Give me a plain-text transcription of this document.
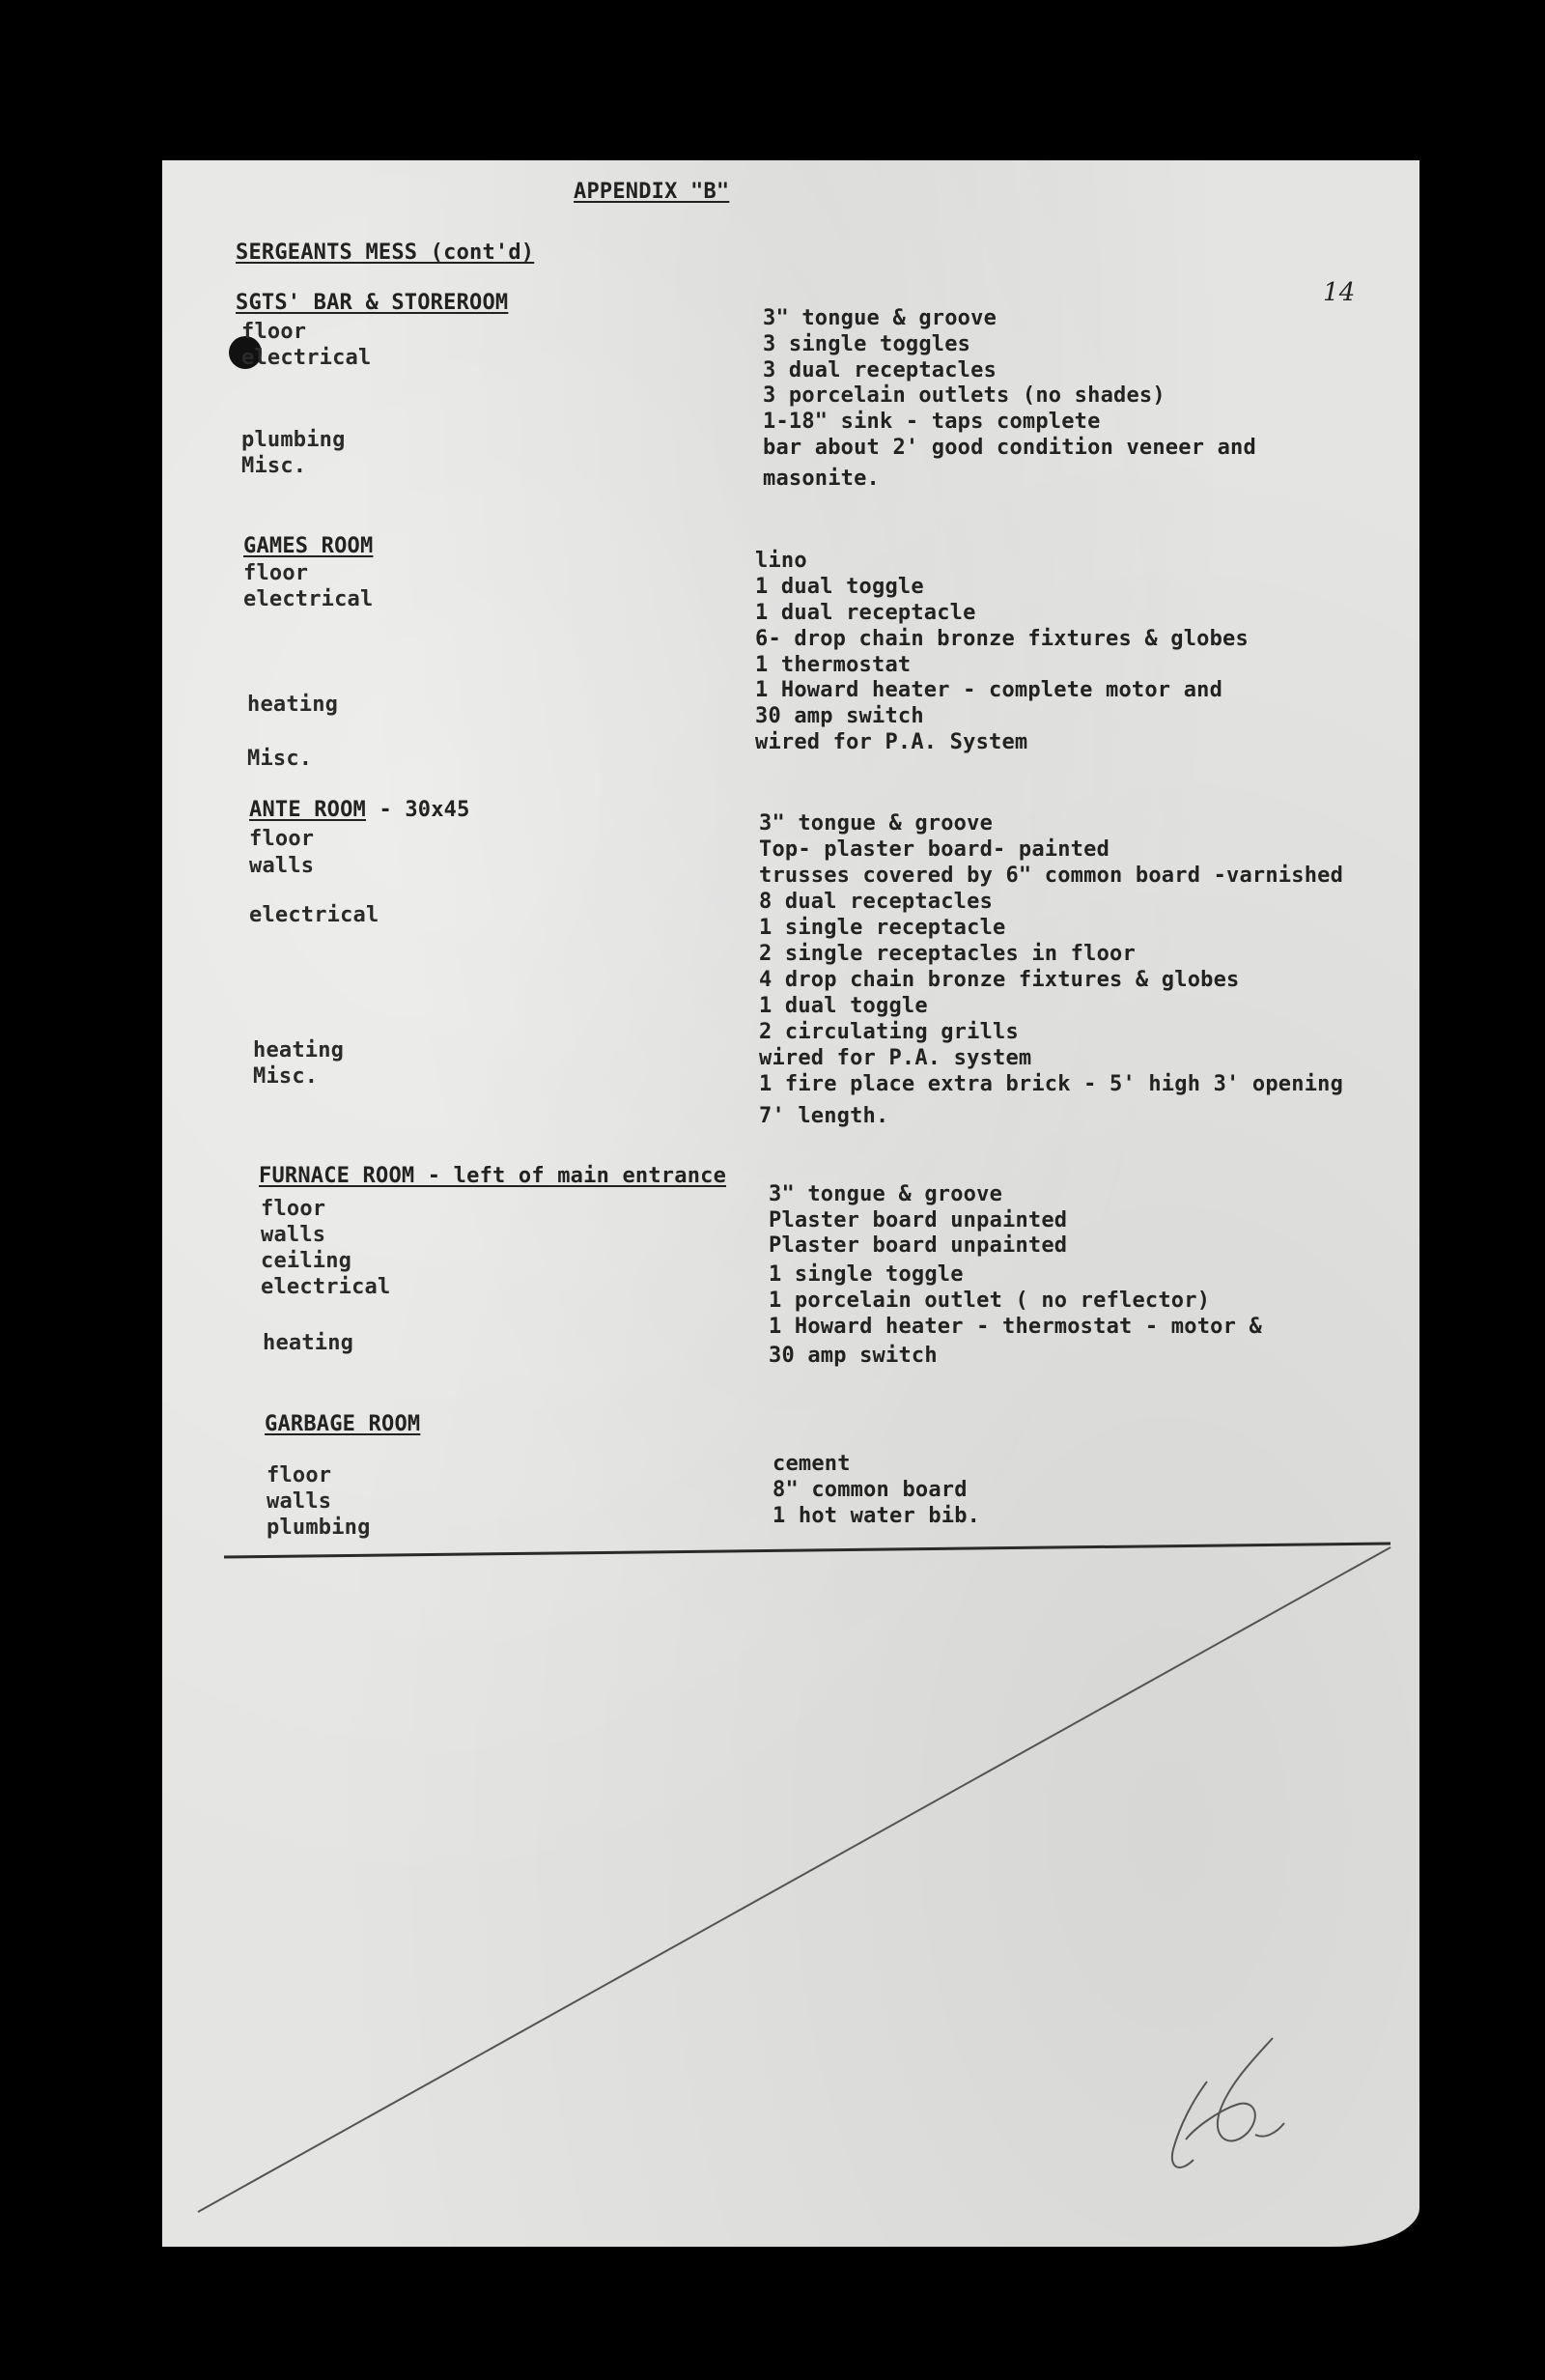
APPENDIX "B"
SERGEANTS MESS (cont'd)
14
SGTS' BAR & STOREROOM
floor
electrical
plumbing
Misc.
3" tongue & groove
3 single toggles
3 dual receptacles
3 porcelain outlets (no shades)
1-18" sink - taps complete
bar about 2' good condition veneer and
masonite.
GAMES ROOM
floor
electrical
heating
Misc.
lino
1 dual toggle
1 dual receptacle
6- drop chain bronze fixtures & globes
1 thermostat
1 Howard heater - complete motor and
30 amp switch
wired for P.A. System
ANTE ROOM - 30x45
floor
walls
electrical
heating
Misc.
3" tongue & groove
Top- plaster board- painted
trusses covered by 6" common board -varnished
8 dual receptacles
1 single receptacle
2 single receptacles in floor
4 drop chain bronze fixtures & globes
1 dual toggle
2 circulating grills
wired for P.A. system
1 fire place extra brick - 5' high 3' opening
7' length.
FURNACE ROOM - left of main entrance
floor
walls
ceiling
electrical
heating
3" tongue & groove
Plaster board unpainted
Plaster board unpainted
1 single toggle
1 porcelain outlet ( no reflector)
1 Howard heater - thermostat - motor &
30 amp switch
GARBAGE ROOM
floor
walls
plumbing
cement
8" common board
1 hot water bib.
